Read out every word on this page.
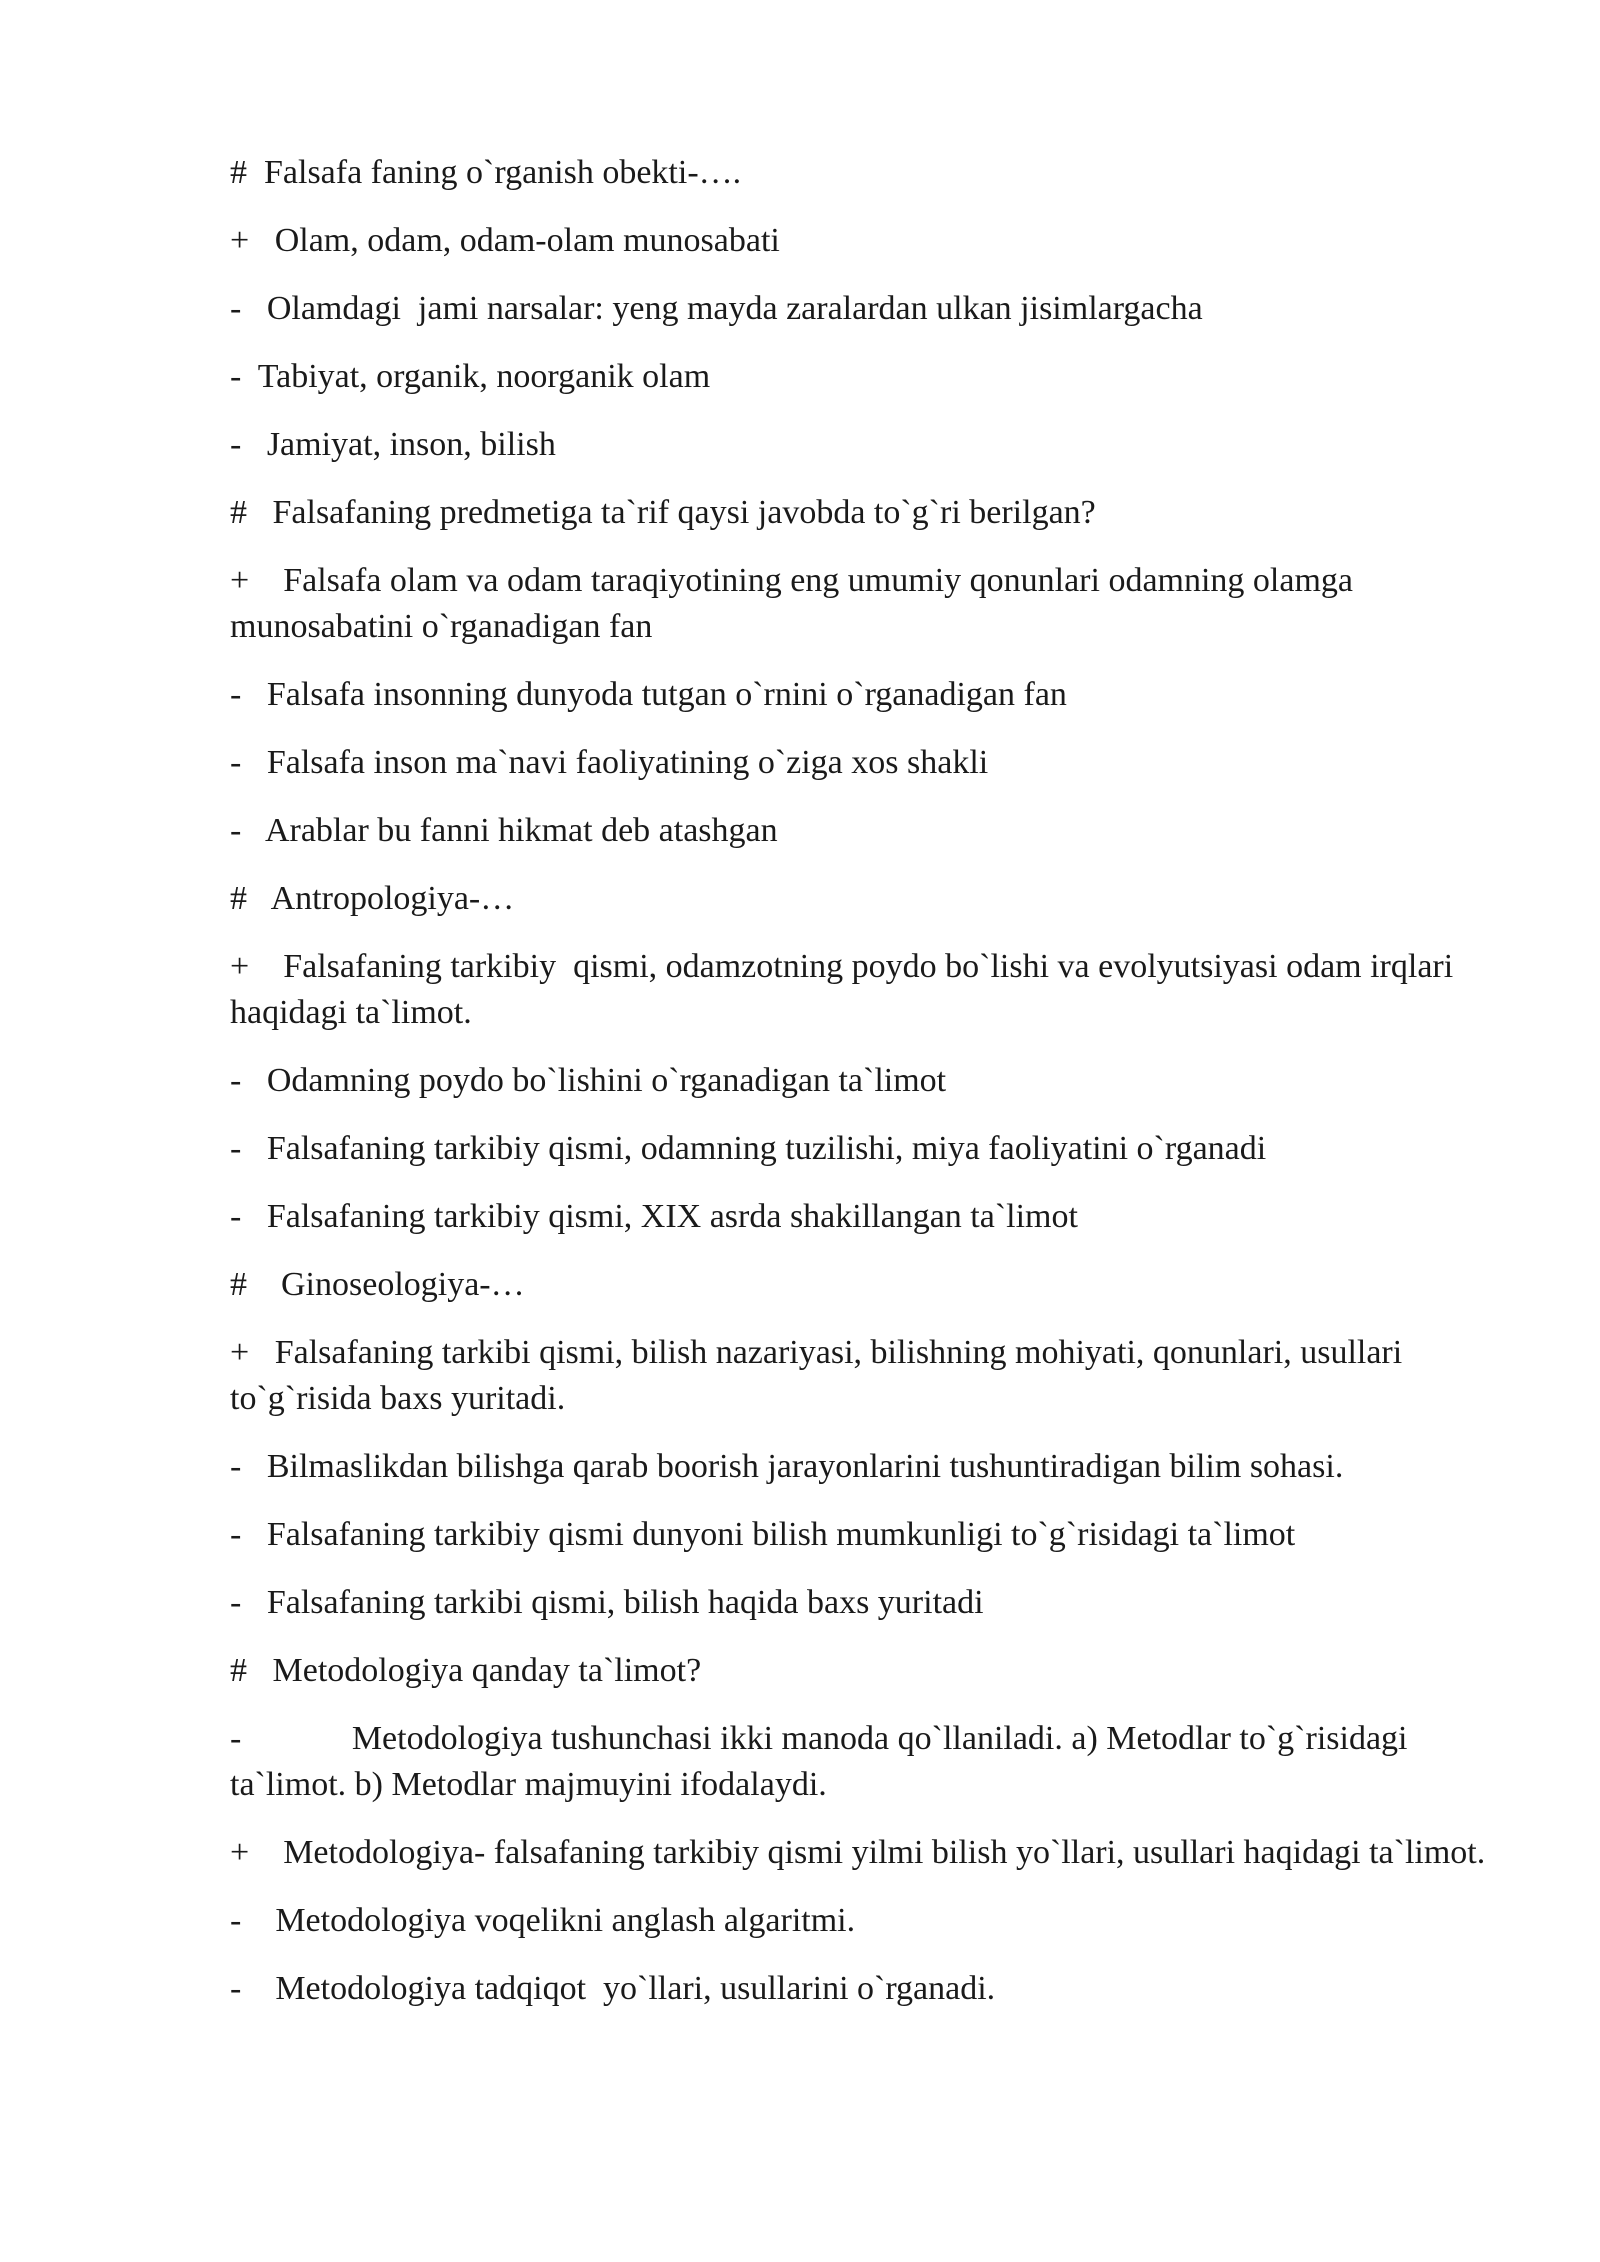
#  Falsafa faning o`rganish obekti-….

+   Olam, odam, odam-olam munosabati

-   Olamdagi  jami narsalar: yeng mayda zaralardan ulkan jisimlargacha

-  Tabiyat, organik, noorganik olam

-   Jamiyat, inson, bilish

#   Falsafaning predmetiga ta`rif qaysi javobda to`g`ri berilgan?

+    Falsafa olam va odam taraqiyotining eng umumiy qonunlari odamning olamga munosabatini o`rganadigan fan

-   Falsafa insonning dunyoda tutgan o`rnini o`rganadigan fan

-   Falsafa inson ma`navi faoliyatining o`ziga xos shakli

-   Arablar bu fanni hikmat deb atashgan

#   Antropologiya-…

+    Falsafaning tarkibiy  qismi, odamzotning poydo bo`lishi va evolyutsiyasi odam irqlari haqidagi ta`limot.

-   Odamning poydo bo`lishini o`rganadigan ta`limot

-   Falsafaning tarkibiy qismi, odamning tuzilishi, miya faoliyatini o`rganadi

-   Falsafaning tarkibiy qismi, XIX asrda shakillangan ta`limot

#    Ginoseologiya-…

+   Falsafaning tarkibi qismi, bilish nazariyasi, bilishning mohiyati, qonunlari, usullari to`g`risida baxs yuritadi.

-   Bilmaslikdan bilishga qarab boorish jarayonlarini tushuntiradigan bilim sohasi.

-   Falsafaning tarkibiy qismi dunyoni bilish mumkunligi to`g`risidagi ta`limot

-   Falsafaning tarkibi qismi, bilish haqida baxs yuritadi

#   Metodologiya qanday ta`limot?

-             Metodologiya tushunchasi ikki manoda qo`llaniladi. a) Metodlar to`g`risidagi ta`limot. b) Metodlar majmuyini ifodalaydi.

+    Metodologiya- falsafaning tarkibiy qismi yilmi bilish yo`llari, usullari haqidagi ta`limot.

-    Metodologiya voqelikni anglash algaritmi.

-    Metodologiya tadqiqot  yo`llari, usullarini o`rganadi.
